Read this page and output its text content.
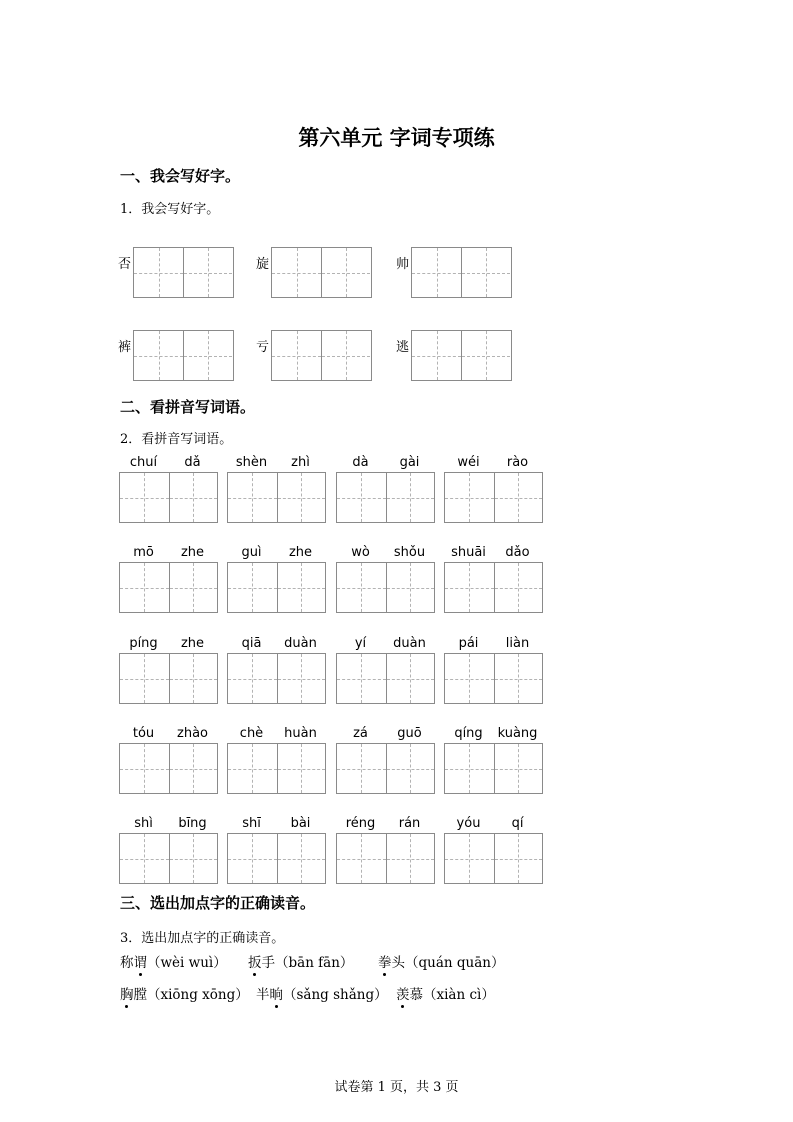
第六单元 字词专项练
一、我会写好字。
1．我会写好字。
否	旋	帅
裤	亏	逃
二、看拼音写词语。
2．看拼音写词语。
chuí	dǎ	shèn	zhì	dà	gài	wéi	rào
mō	zhe	guì	zhe	wò	shǒu	shuāi	dǎo
píng	zhe	qiā	duàn	yí	duàn	pái	liàn
tóu	zhào	chè	huàn	zá	guō	qíng	kuàng
shì	bīng	shī	bài	réng	rán	yóu	qí
三、选出加点字的正确读音。
3．选出加点字的正确读音。
称谓（wèi wuì） 扳手（bān fān） 拳头（quán quān）
胸膛（xiōng xōng） 半晌（sǎng shǎng） 羡慕（xiàn cì）
试卷第 1 页，共 3 页
